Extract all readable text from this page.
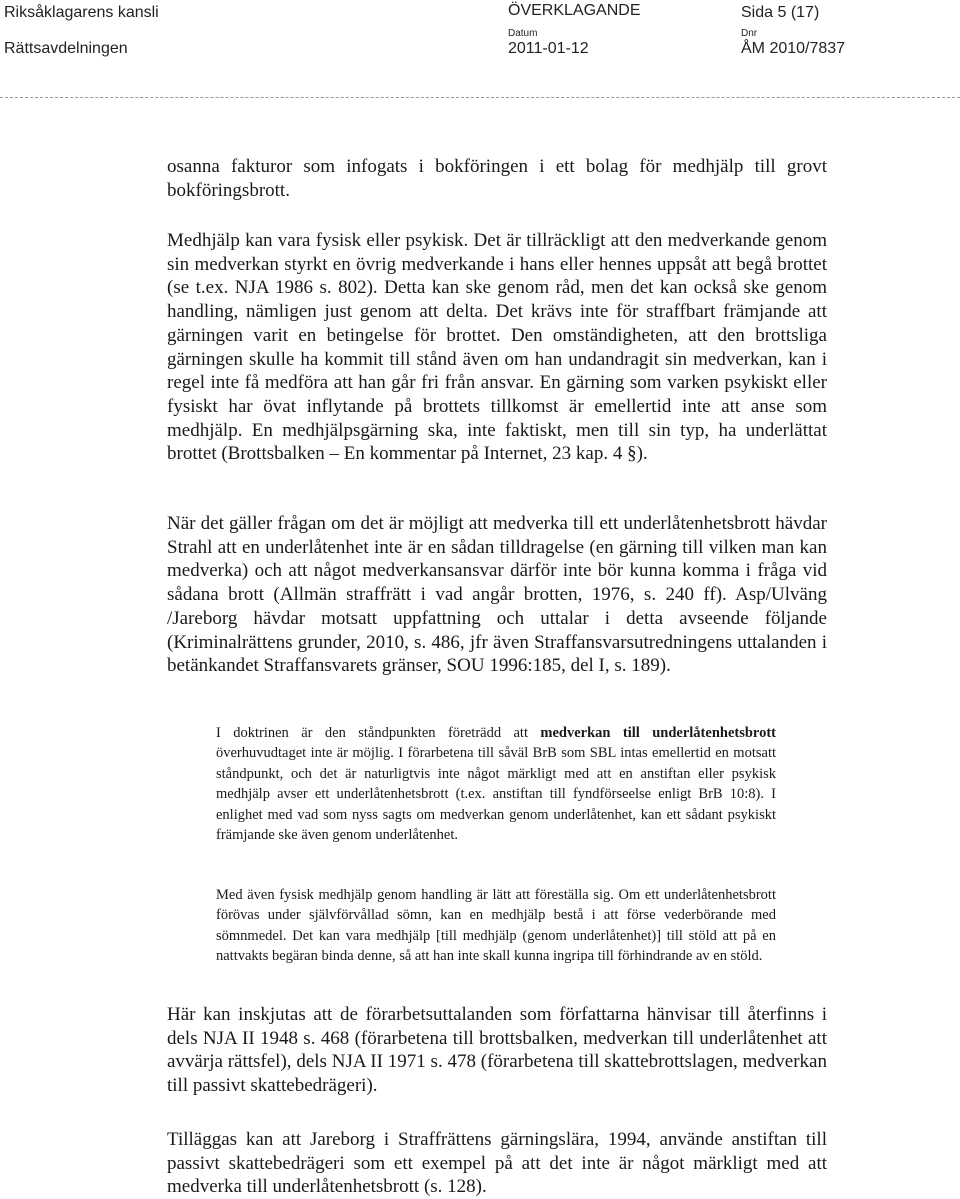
Riksåklagarens kansli
Rättsavdelningen
ÖVERKLAGANDE	Sida 5 (17)
Datum
2011-01-12
Dnr
ÅM 2010/7837

osanna fakturor som infogats i bokföringen i ett bolag för medhjälp till grovt bokföringsbrott.

Medhjälp kan vara fysisk eller psykisk. Det är tillräckligt att den medverkande genom sin medverkan styrkt en övrig medverkande i hans eller hennes uppsåt att begå brottet (se t.ex. NJA 1986 s. 802). Detta kan ske genom råd, men det kan också ske genom handling, nämligen just genom att delta. Det krävs inte för straffbart främjande att gärningen varit en betingelse för brottet. Den omständigheten, att den brottsliga gärningen skulle ha kommit till stånd även om han undandragit sin medverkan, kan i regel inte få medföra att han går fri från ansvar. En gärning som varken psykiskt eller fysiskt har övat inflytande på brottets tillkomst är emellertid inte att anse som medhjälp. En medhjälpsgärning ska, inte faktiskt, men till sin typ, ha underlättat brottet (Brottsbalken – En kommentar på Internet, 23 kap. 4 §).

När det gäller frågan om det är möjligt att medverka till ett underlåtenhetsbrott hävdar Strahl att en underlåtenhet inte är en sådan tilldragelse (en gärning till vilken man kan medverka) och att något medverkansansvar därför inte bör kunna komma i fråga vid sådana brott (Allmän straffrätt i vad angår brotten, 1976, s. 240 ff). Asp/Ulväng /Jareborg hävdar motsatt uppfattning och uttalar i detta avseende följande (Kriminalrättens grunder, 2010, s. 486, jfr även Straffansvarsutredningens uttalanden i betänkandet Straffansvarets gränser, SOU 1996:185, del I, s. 189).

I doktrinen är den ståndpunkten företrädd att medverkan till underlåtenhetsbrott överhuvudtaget inte är möjlig. I förarbetena till såväl BrB som SBL intas emellertid en motsatt ståndpunkt, och det är naturligtvis inte något märkligt med att en anstiftan eller psykisk medhjälp avser ett underlåtenhetsbrott (t.ex. anstiftan till fyndförseelse enligt BrB 10:8). I enlighet med vad som nyss sagts om medverkan genom underlåtenhet, kan ett sådant psykiskt främjande ske även genom underlåtenhet.

Med även fysisk medhjälp genom handling är lätt att föreställa sig. Om ett underlåtenhetsbrott förövas under självförvållad sömn, kan en medhjälp bestå i att förse vederbörande med sömnmedel. Det kan vara medhjälp [till medhjälp (genom underlåtenhet)] till stöld att på en nattvakts begäran binda denne, så att han inte skall kunna ingripa till förhindrande av en stöld.

Här kan inskjutas att de förarbetsuttalanden som författarna hänvisar till återfinns i dels NJA II 1948 s. 468 (förarbetena till brottsbalken, medverkan till underlåtenhet att avvärja rättsfel), dels NJA II 1971 s. 478 (förarbetena till skattebrottslagen, medverkan till passivt skattebedrägeri).

Tilläggas kan att Jareborg i Straffrättens gärningslära, 1994, använde anstiftan till passivt skattebedrägeri som ett exempel på att det inte är något märkligt med att medverka till underlåtenhetsbrott (s. 128).
